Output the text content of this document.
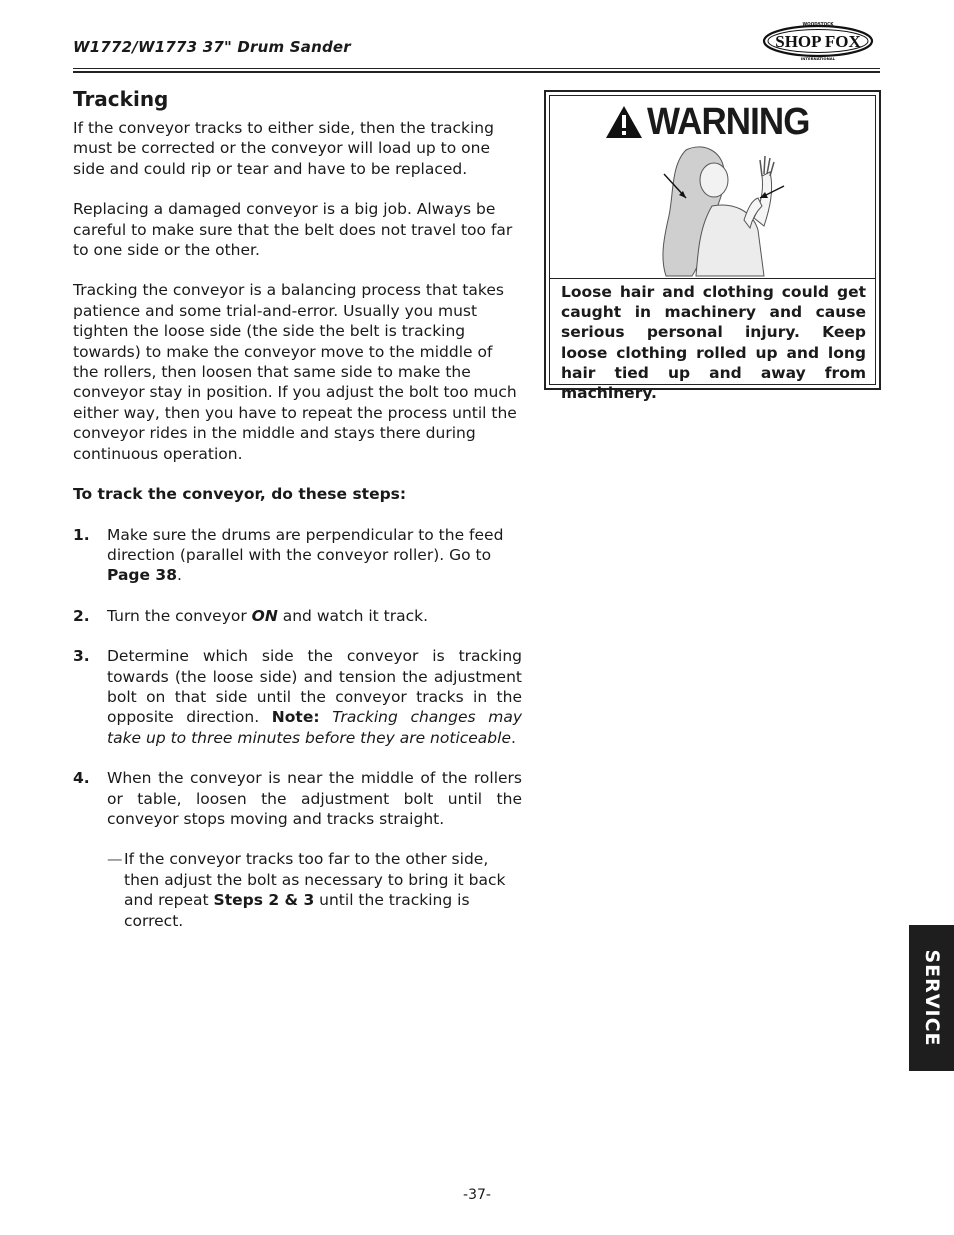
W1772/W1773 37" Drum Sander	SHOP FOX
WOODSTOCK
INTERNATIONAL
Tracking

If the conveyor tracks to either side, then the tracking must be corrected or the conveyor will load up to one side and could rip or tear and have to be replaced.

Replacing a damaged conveyor is a big job. Always be careful to make sure that the belt does not travel too far to one side or the other.

Tracking the conveyor is a balancing process that takes patience and some trial-and-error. Usually you must tighten the loose side (the side the belt is tracking towards) to make the conveyor move to the middle of the rollers, then loosen that same side to make the conveyor stay in position. If you adjust the bolt too much either way, then you have to repeat the process until the conveyor rides in the middle and stays there during continuous operation.

To track the conveyor, do these steps:

1.	Make sure the drums are perpendicular to the feed direction (parallel with the conveyor roller). Go to Page 38.
2.	Turn the conveyor ON and watch it track.
3.	Determine which side the conveyor is tracking towards (the loose side) and tension the adjustment bolt on that side until the conveyor tracks in the opposite direction. Note: Tracking changes may take up to three minutes before they are noticeable.
4.	When the conveyor is near the middle of the rollers or table, loosen the adjustment bolt until the conveyor stops moving and tracks straight.
— If the conveyor tracks too far to the other side, then adjust the bolt as necessary to bring it back and repeat Steps 2 & 3 until the tracking is correct.
WARNING
Loose hair and clothing could get caught in machinery and cause serious personal injury. Keep loose clothing rolled up and long hair tied up and away from machinery.
SERVICE
-37-
